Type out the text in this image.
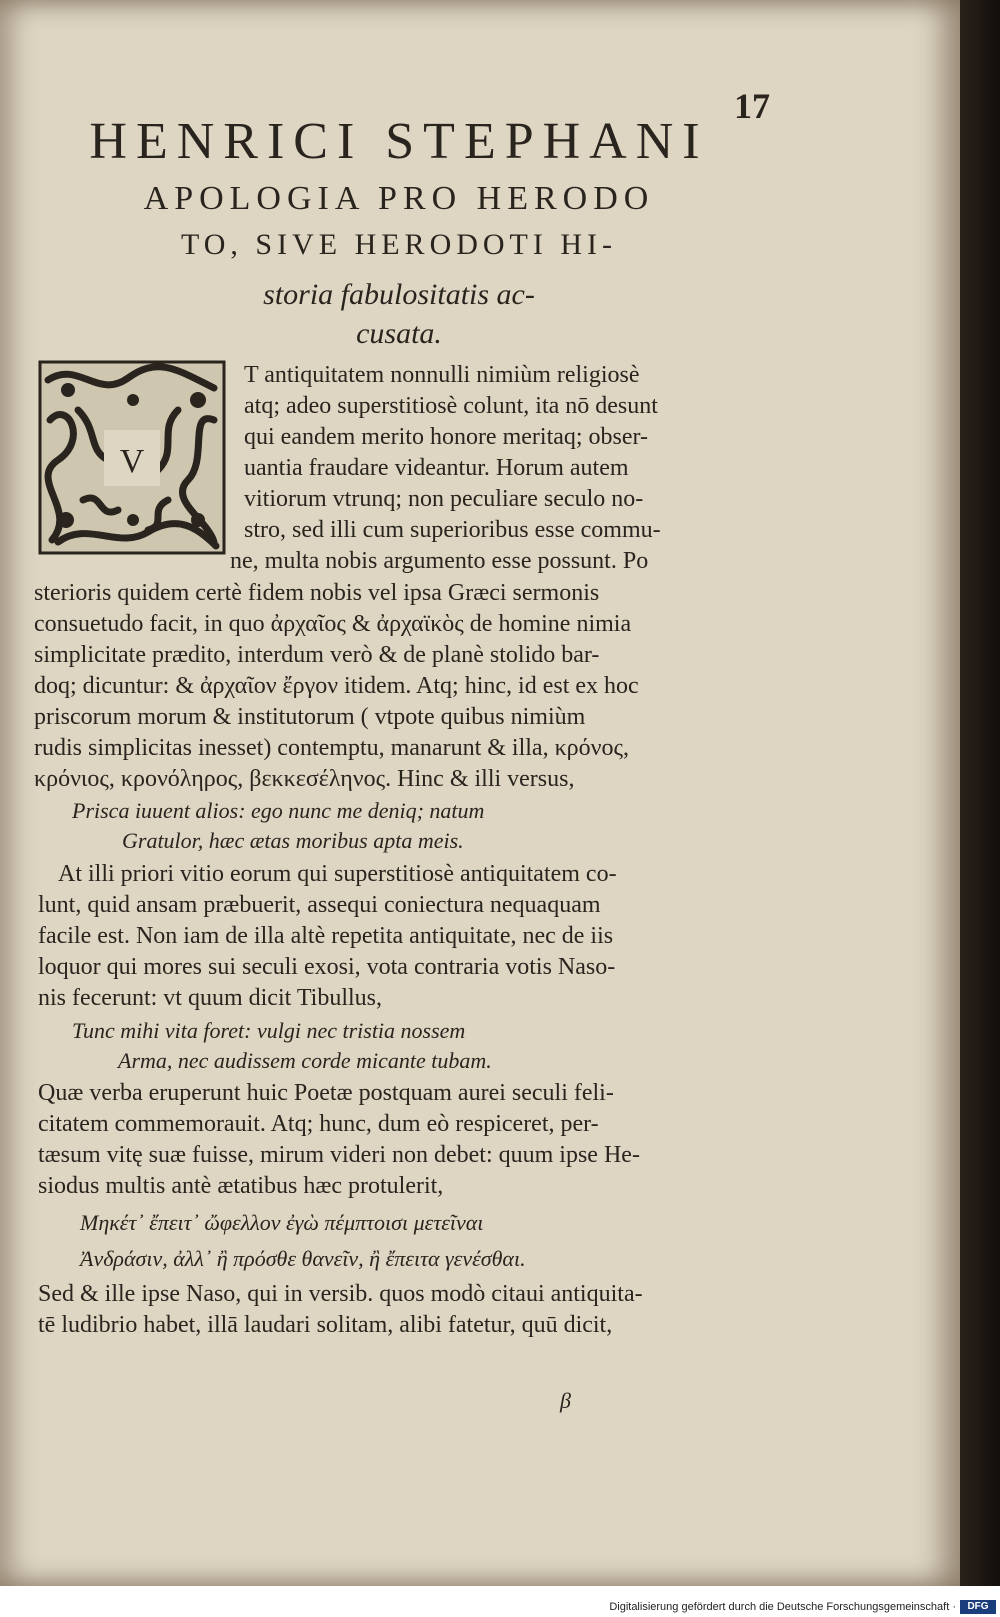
17
HENRICI STEPHANI
APOLOGIA PRO HERODO
TO, SIVE HERODOTI HI-
storia fabulositatis ac-
cusata.
V
T antiquitatem nonnulli nimiùm religiosè
atq; adeo superstitiosè colunt, ita nō desunt
qui eandem merito honore meritaq; obser-
uantia fraudare videantur. Horum autem
vitiorum vtrunq; non peculiare seculo no-
stro, sed illi cum superioribus esse commu-
ne, multa nobis argumento esse possunt. Po
sterioris quidem certè fidem nobis vel ipsa Græci sermonis
consuetudo facit, in quo ἀρχαῖος & ἀρχαϊκὸς de homine nimia
simplicitate prædito, interdum verò & de planè stolido bar-
doq; dicuntur: & ἀρχαῖον ἔργον itidem. Atq; hinc, id est ex hoc
priscorum morum & institutorum ( vtpote quibus nimiùm
rudis simplicitas inesset) contemptu, manarunt & illa, κρόνος,
κρόνιος, κρονόληρος, βεκκεσέληνος. Hinc & illi versus,
Prisca iuuent alios: ego nunc me deniq; natum
Gratulor, hæc ætas moribus apta meis.
At illi priori vitio eorum qui superstitiosè antiquitatem co-
lunt, quid ansam præbuerit, assequi coniectura nequaquam
facile est. Non iam de illa altè repetita antiquitate, nec de iis
loquor qui mores sui seculi exosi, vota contraria votis Naso-
nis fecerunt: vt quum dicit Tibullus,
Tunc mihi vita foret: vulgi nec tristia nossem
Arma, nec audissem corde micante tubam.
Quæ verba eruperunt huic Poetæ postquam aurei seculi feli-
citatem commemorauit. Atq; hunc, dum eò respiceret, per-
tæsum vitę suæ fuisse, mirum videri non debet: quum ipse He-
siodus multis antè ætatibus hæc protulerit,
Μηκέτ᾽ ἔπειτ᾽ ὤφελλον ἐγὼ πέμπτοισι μετεῖναι
Ἀνδράσιν, ἀλλ᾽ ἢ πρόσθε θανεῖν, ἢ ἔπειτα γενέσθαι.
Sed & ille ipse Naso, qui in versib. quos modò citaui antiquita-
tē ludibrio habet, illā laudari solitam, alibi fatetur, quū dicit,
β
Digitalisierung gefördert durch die Deutsche Forschungsgemeinschaft ·	DFG
